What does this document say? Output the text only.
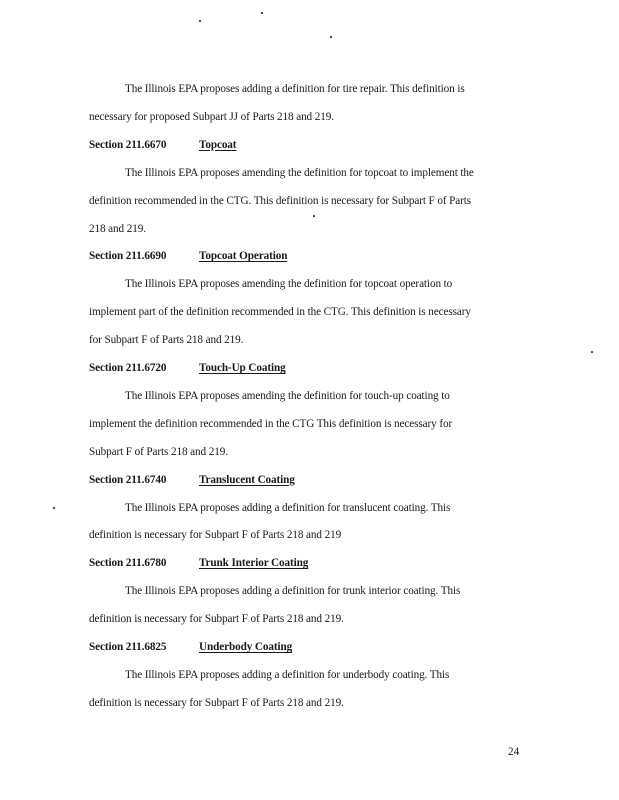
The Illinois EPA proposes adding a definition for tire repair. This definition is
necessary for proposed Subpart JJ of Parts 218 and 219.
Section 211.6670	Topcoat
The Illinois EPA proposes amending the definition for topcoat to implement the
definition recommended in the CTG. This definition is necessary for Subpart F of Parts
218 and 219.
Section 211.6690	Topcoat Operation
The Illinois EPA proposes amending the definition for topcoat operation to
implement part of the definition recommended in the CTG. This definition is necessary
for Subpart F of Parts 218 and 219.
Section 211.6720	Touch-Up Coating
The Illinois EPA proposes amending the definition for touch-up coating to
implement the definition recommended in the CTG This definition is necessary for
Subpart F of Parts 218 and 219.
Section 211.6740	Translucent Coating
The Illinois EPA proposes adding a definition for translucent coating. This
definition is necessary for Subpart F of Parts 218 and 219
Section 211.6780	Trunk Interior Coating
The Illinois EPA proposes adding a definition for trunk interior coating. This
definition is necessary for Subpart F of Parts 218 and 219.
Section 211.6825	Underbody Coating
The Illinois EPA proposes adding a definition for underbody coating. This
definition is necessary for Subpart F of Parts 218 and 219.
24
